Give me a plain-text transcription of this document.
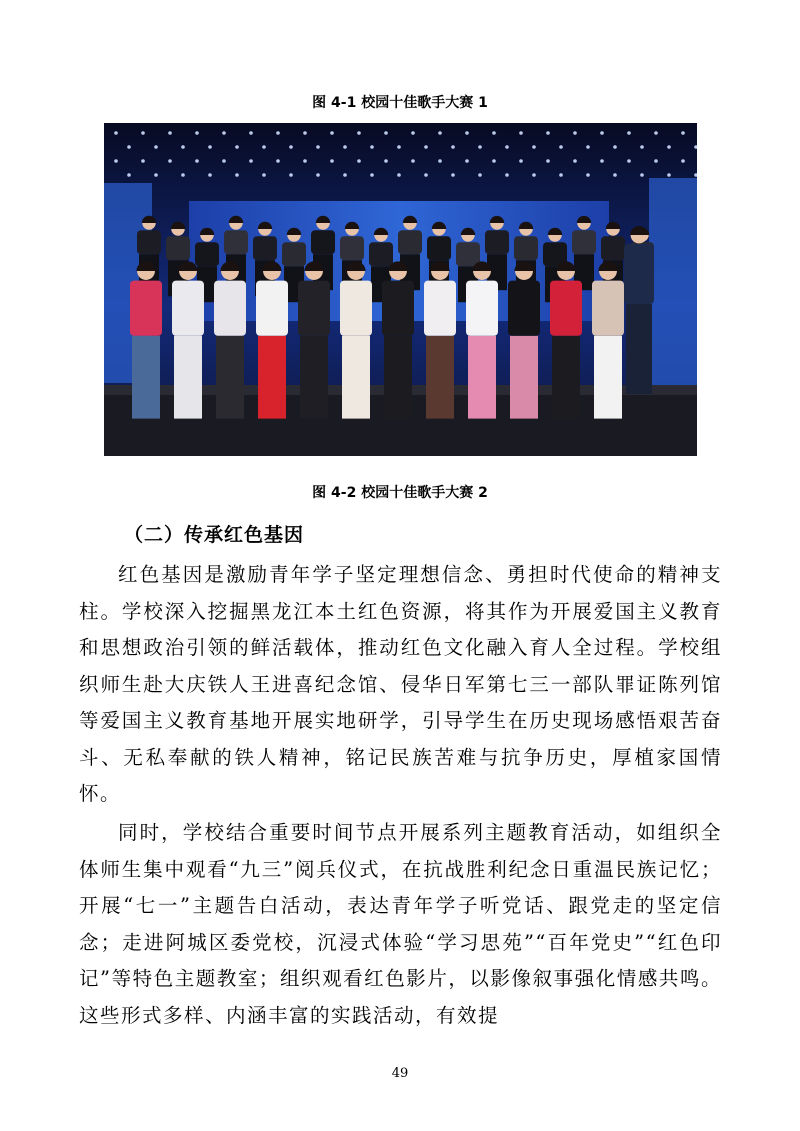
图 4-1 校园十佳歌手大赛 1
图 4-2 校园十佳歌手大赛 2
（二）传承红色基因

红色基因是激励青年学子坚定理想信念、勇担时代使命的精神支柱。学校深入挖掘黑龙江本土红色资源，将其作为开展爱国主义教育和思想政治引领的鲜活载体，推动红色文化融入育人全过程。学校组织师生赴大庆铁人王进喜纪念馆、侵华日军第七三一部队罪证陈列馆等爱国主义教育基地开展实地研学，引导学生在历史现场感悟艰苦奋斗、无私奉献的铁人精神，铭记民族苦难与抗争历史，厚植家国情怀。

同时，学校结合重要时间节点开展系列主题教育活动，如组织全体师生集中观看“九三”阅兵仪式，在抗战胜利纪念日重温民族记忆；开展“七一”主题告白活动，表达青年学子听党话、跟党走的坚定信念；走进阿城区委党校，沉浸式体验“学习思苑”“百年党史”“红色印记”等特色主题教室；组织观看红色影片，以影像叙事强化情感共鸣。这些形式多样、内涵丰富的实践活动，有效提

49
